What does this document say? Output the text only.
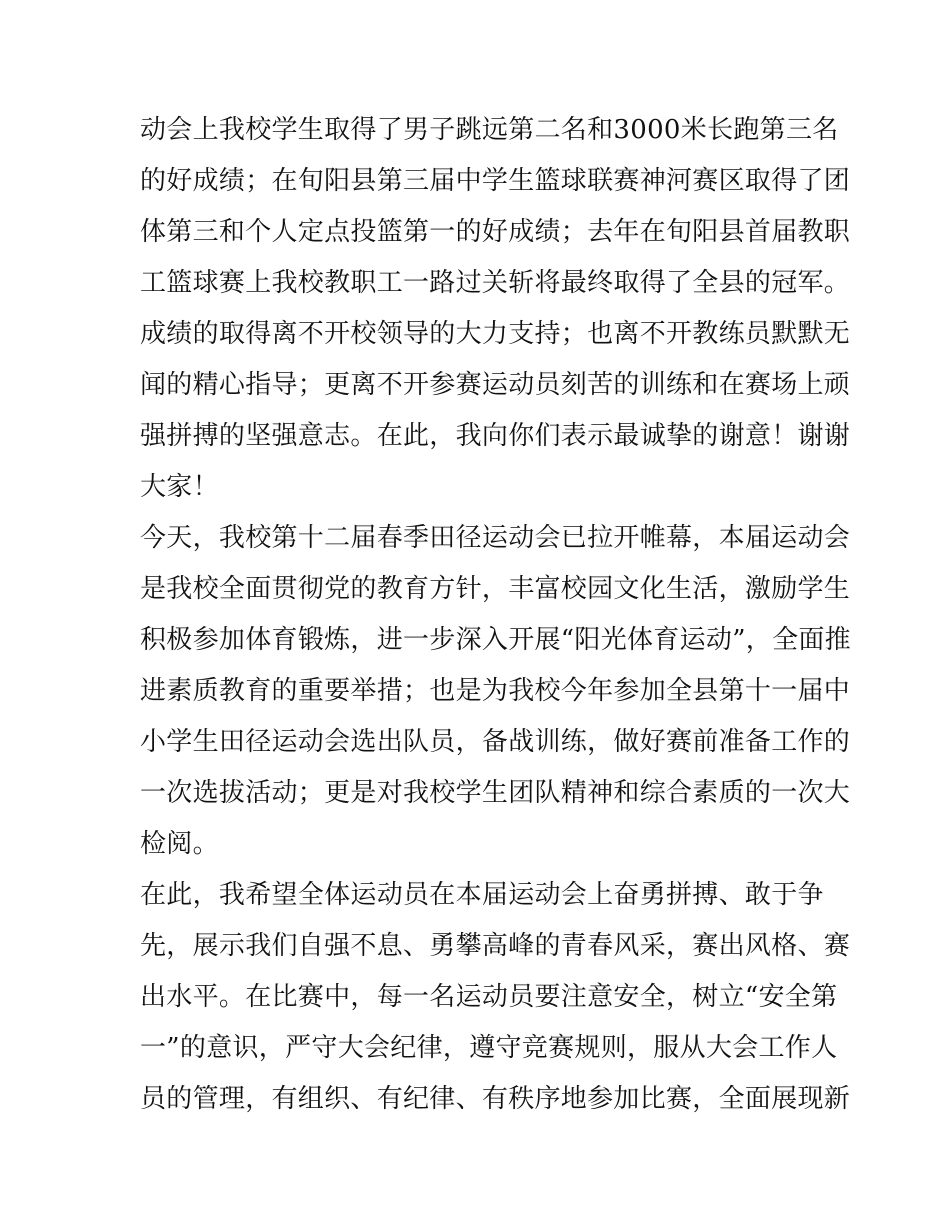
动会上我校学生取得了男子跳远第二名和3000米长跑第三名
的好成绩；在旬阳县第三届中学生篮球联赛神河赛区取得了团
体第三和个人定点投篮第一的好成绩；去年在旬阳县首届教职
工篮球赛上我校教职工一路过关斩将最终取得了全县的冠军。
成绩的取得离不开校领导的大力支持；也离不开教练员默默无
闻的精心指导；更离不开参赛运动员刻苦的训练和在赛场上顽
强拼搏的坚强意志。在此，我向你们表示最诚挚的谢意！谢谢
大家！
今天，我校第十二届春季田径运动会已拉开帷幕，本届运动会
是我校全面贯彻党的教育方针，丰富校园文化生活，激励学生
积极参加体育锻炼，进一步深入开展“阳光体育运动”，全面推
进素质教育的重要举措；也是为我校今年参加全县第十一届中
小学生田径运动会选出队员，备战训练，做好赛前准备工作的
一次选拔活动；更是对我校学生团队精神和综合素质的一次大
检阅。
在此，我希望全体运动员在本届运动会上奋勇拼搏、敢于争
先，展示我们自强不息、勇攀高峰的青春风采，赛出风格、赛
出水平。在比赛中，每一名运动员要注意安全，树立“安全第
一”的意识，严守大会纪律，遵守竞赛规则，服从大会工作人
员的管理，有组织、有纪律、有秩序地参加比赛，全面展现新
